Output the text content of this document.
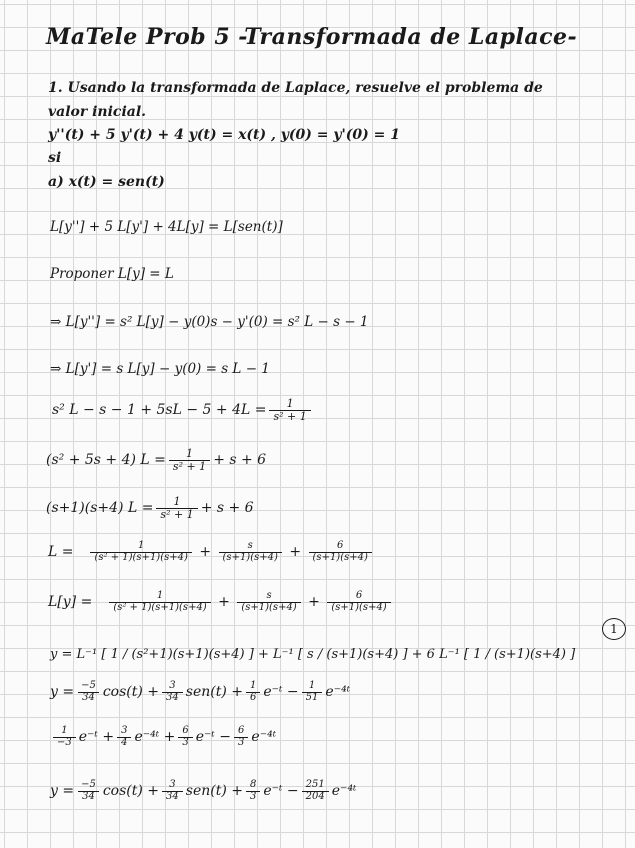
MaTele Prob 5 -Transformada de Laplace-
1. Usando la transformada de Laplace, resuelve el problema de
valor inicial.
y''(t) + 5 y'(t) + 4 y(t) = x(t) , y(0) = y'(0) = 1
si
a) x(t) = sen(t)
L[y''] + 5 L[y'] + 4L[y] = L[sen(t)]
Proponer L[y] = L
⇒ L[y''] = s² L[y] − y(0)s − y'(0) = s² L − s − 1
⇒ L[y'] = s L[y] − y(0) = s L − 1
s² $L - s - 1 + 5sL - 5 + 4L = \frac{1}{\text{s² + 1}}$
(s² + 5s + 4) $L = \frac{1}{\text{s² + 1}} + s + 6$
(s+1)(s+4) $L = \frac{1}{\text{s² + 1}} + s + 6$
$L = \frac{1}{\text{(s² + 1)(s+1)(s+4)}} + \frac{s}{(s+1)(s+4)} + \frac{6}{(s+1)(s+4)}$
$L[y] = \frac{1}{\text{(s² + 1)(s+1)(s+4)}} + \frac{s}{(s+1)(s+4)} + \frac{6}{(s+1)(s+4)}$
y = L⁻¹
[ 1 / (s²+1)(s+1)(s+4) ]
+ L⁻¹ [ s / (s+1)(s+4) ] + 6 L⁻¹ [ 1 / (s+1)(s+4) ]
1
$y = \frac{-5}{34} \cos(t) + \frac{3}{34} sen(t) + \frac{1}{6}$ e⁻ᵗ − $\frac{1}{51}$ e⁻⁴ᵗ
$\frac{1}{-3}$ e⁻ᵗ + $\frac{3}{4}$ e⁻⁴ᵗ + $\frac{6}{3}$ e⁻ᵗ − $\frac{6}{3}$ e⁻⁴ᵗ
$y = \frac{-5}{34} \cos(t) + \frac{3}{34} sen(t) + \frac{8}{3}$ e⁻ᵗ − $\frac{251}{204}$ e⁻⁴ᵗ
